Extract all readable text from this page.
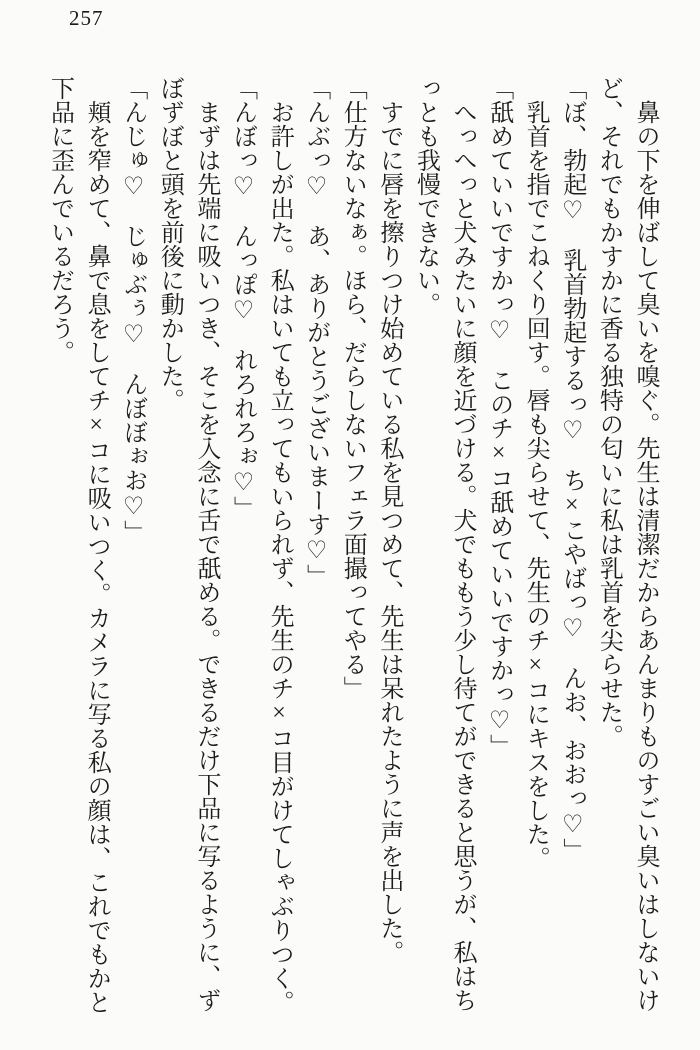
257

鼻の下を伸ばして臭いを嗅ぐ。先生は清潔だからあんまりものすごい臭いはしないけど、それでもかすかに香る独特の匂いに私は乳首を尖らせた。

「ぼ、勃起♡　乳首勃起するっ♡　ち×こやばっ♡　んお、おおっ♡」

乳首を指でこねくり回す。唇も尖らせて、先生のチ×コにキスをした。

「舐めていいですかっ♡　このチ×コ舐めていいですかっ♡」

へっへっと犬みたいに顔を近づける。犬でももう少し待てができると思うが、私はちっとも我慢できない。

すでに唇を擦りつけ始めている私を見つめて、先生は呆れたように声を出した。

「仕方ないなぁ。ほら、だらしないフェラ面撮ってやる」

「んぶっ♡　あ、ありがとうございまーす♡」

お許しが出た。私はいても立ってもいられず、先生のチ×コ目がけてしゃぶりつく。

「んぼっ♡　んっぽ♡　れろれろぉ♡」

まずは先端に吸いつき、そこを入念に舌で舐める。できるだけ下品に写るように、ずぼずぼと頭を前後に動かした。

「んじゅ♡　じゅぶぅ♡　んぼぼぉお♡」

頬を窄めて、鼻で息をしてチ×コに吸いつく。カメラに写る私の顔は、これでもかと下品に歪んでいるだろう。
